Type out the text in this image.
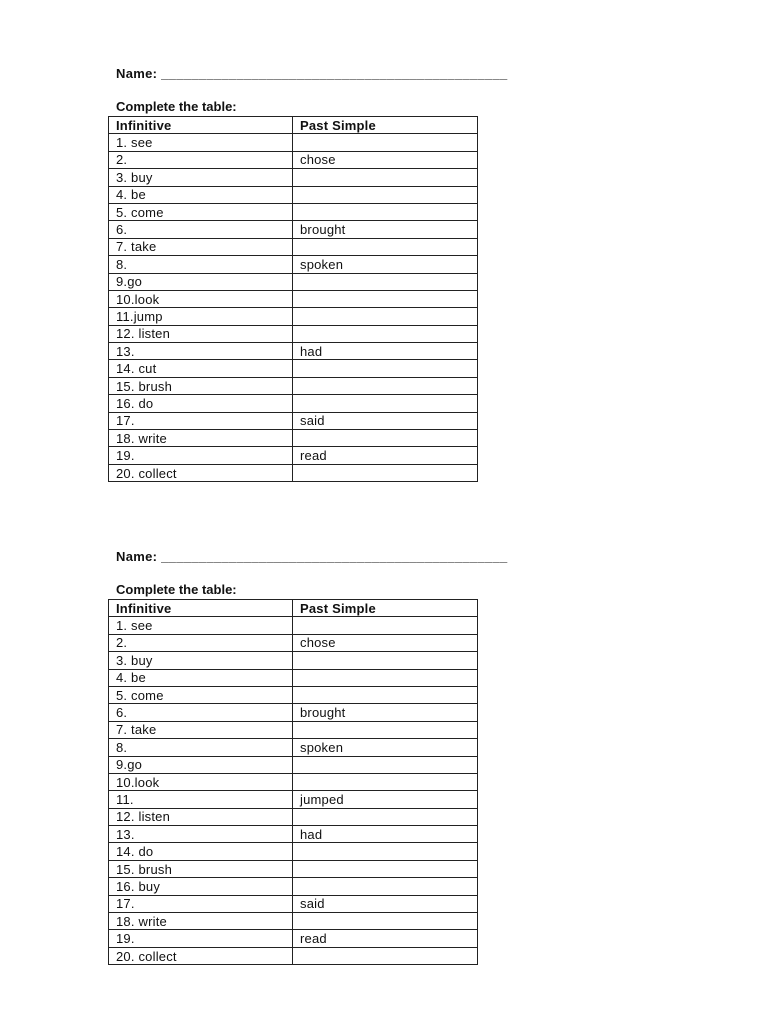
Name: ______________________________________________
Complete the table:
Infinitive	Past Simple
1. see	
2.	chose
3. buy	
4. be	
5. come	
6.	brought
7. take	
8.	spoken
9.go	
10.look	
11.jump	
12. listen	
13.	had
14. cut	
15. brush	
16. do	
17.	said
18. write	
19.	read
20. collect	
Name: ______________________________________________
Complete the table:
Infinitive	Past Simple
1. see	
2.	chose
3. buy	
4. be	
5. come	
6.	brought
7. take	
8.	spoken
9.go	
10.look	
11.	jumped
12. listen	
13.	had
14. do	
15. brush	
16. buy	
17.	said
18. write	
19.	read
20. collect	
